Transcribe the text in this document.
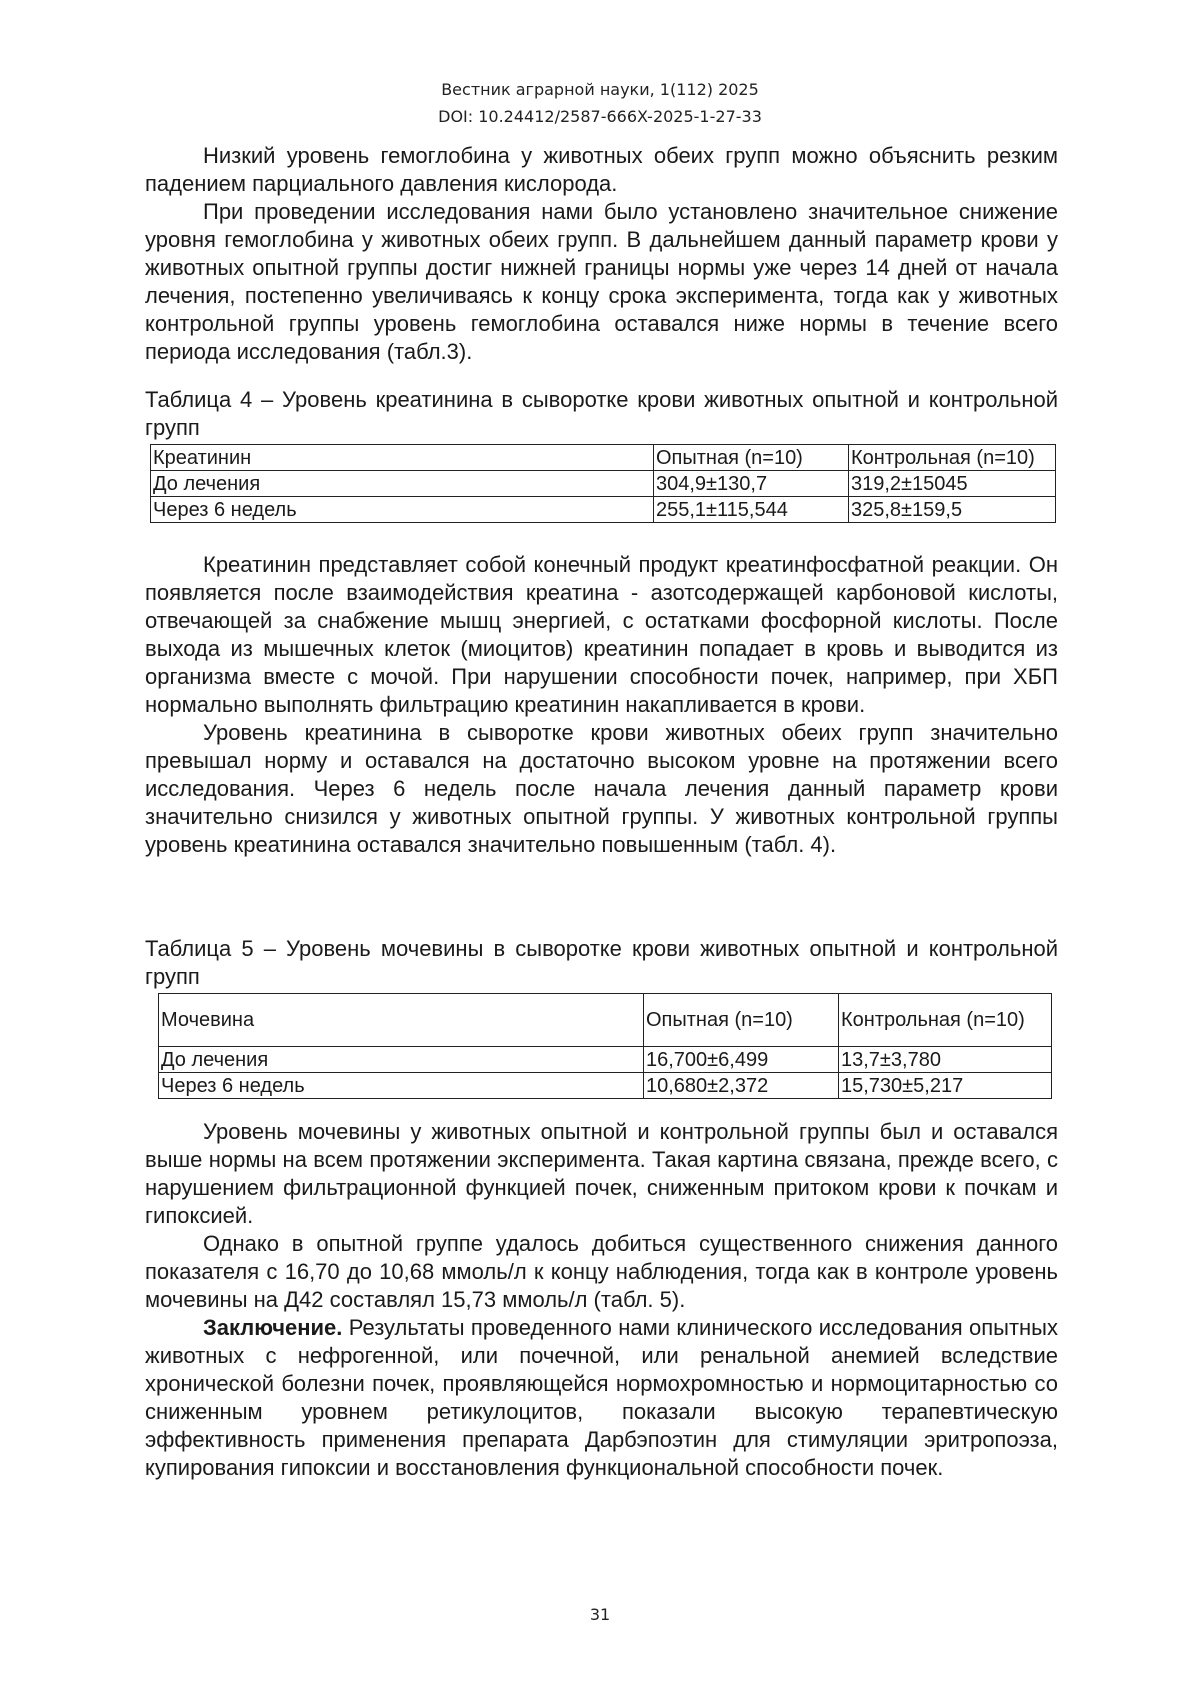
Вестник аграрной науки, 1(112) 2025
DOI: 10.24412/2587-666X-2025-1-27-33

Низкий уровень гемоглобина у животных обеих групп можно объяснить резким падением парциального давления кислорода.

При проведении исследования нами было установлено значительное снижение уровня гемоглобина у животных обеих групп. В дальнейшем данный параметр крови у животных опытной группы достиг нижней границы нормы уже через 14 дней от начала лечения, постепенно увеличиваясь к концу срока эксперимента, тогда как у животных контрольной группы уровень гемоглобина оставался ниже нормы в течение всего периода исследования (табл.3).

Таблица 4 – Уровень креатинина в сыворотке крови животных опытной и контрольной групп

Креатинин	Опытная (n=10)	Контрольная (n=10)
До лечения	304,9±130,7	319,2±15045
Через 6 недель	255,1±115,544	325,8±159,5

Креатинин представляет собой конечный продукт креатинфосфатной реакции. Он появляется после взаимодействия креатина - азотсодержащей карбоновой кислоты, отвечающей за снабжение мышц энергией, с остатками фосфорной кислоты. После выхода из мышечных клеток (миоцитов) креатинин попадает в кровь и выводится из организма вместе с мочой. При нарушении способности почек, например, при ХБП нормально выполнять фильтрацию креатинин накапливается в крови.

Уровень креатинина в сыворотке крови животных обеих групп значительно превышал норму и оставался на достаточно высоком уровне на протяжении всего исследования. Через 6 недель после начала лечения данный параметр крови значительно снизился у животных опытной группы. У животных контрольной группы уровень креатинина оставался значительно повышенным (табл. 4).

Таблица 5 – Уровень мочевины в сыворотке крови животных опытной и контрольной групп

Мочевина	Опытная (n=10)	Контрольная (n=10)
До лечения	16,700±6,499	13,7±3,780
Через 6 недель	10,680±2,372	15,730±5,217

Уровень мочевины у животных опытной и контрольной группы был и оставался выше нормы на всем протяжении эксперимента. Такая картина связана, прежде всего, с нарушением фильтрационной функцией почек, сниженным притоком крови к почкам и гипоксией.

Однако в опытной группе удалось добиться существенного снижения данного показателя с 16,70 до 10,68 ммоль/л к концу наблюдения, тогда как в контроле уровень мочевины на Д42 составлял 15,73 ммоль/л (табл. 5).

Заключение. Результаты проведенного нами клинического исследования опытных животных с нефрогенной, или почечной, или ренальной анемией вследствие хронической болезни почек, проявляющейся нормохромностью и нормоцитарностью со сниженным уровнем ретикулоцитов, показали высокую терапевтическую эффективность применения препарата Дарбэпоэтин для стимуляции эритропоэза, купирования гипоксии и восстановления функциональной способности почек.

31
